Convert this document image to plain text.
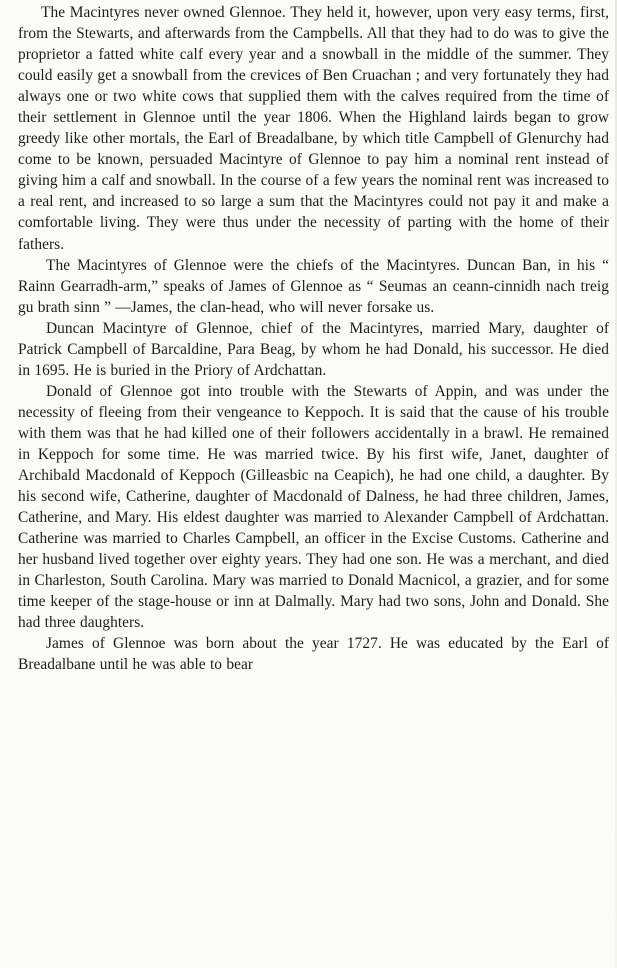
The Macintyres never owned Glennoe. They held it, however, upon very easy terms, first, from the Stewarts, and afterwards from the Campbells. All that they had to do was to give the proprietor a fatted white calf every year and a snowball in the middle of the summer. They could easily get a snowball from the crevices of Ben Cruachan ; and very fortunately they had always one or two white cows that supplied them with the calves required from the time of their settlement in Glennoe until the year 1806. When the Highland lairds began to grow greedy like other mortals, the Earl of Breadalbane, by which title Campbell of Glenurchy had come to be known, persuaded Macintyre of Glennoe to pay him a nominal rent instead of giving him a calf and snowball. In the course of a few years the nominal rent was increased to a real rent, and increased to so large a sum that the Macintyres could not pay it and make a comfortable living. They were thus under the necessity of parting with the home of their fathers.

The Macintyres of Glennoe were the chiefs of the Macintyres. Duncan Ban, in his “ Rainn Gearradh-arm,” speaks of James of Glennoe as “ Seumas an ceann-cinnidh nach treig gu brath sinn ” —James, the clan-head, who will never forsake us.

Duncan Macintyre of Glennoe, chief of the Macintyres, married Mary, daughter of Patrick Campbell of Barcaldine, Para Beag, by whom he had Donald, his successor. He died in 1695. He is buried in the Priory of Ardchattan.

Donald of Glennoe got into trouble with the Stewarts of Appin, and was under the necessity of fleeing from their vengeance to Keppoch. It is said that the cause of his trouble with them was that he had killed one of their followers accidentally in a brawl. He remained in Keppoch for some time. He was married twice. By his first wife, Janet, daughter of Archibald Macdonald of Keppoch (Gilleasbic na Ceapich), he had one child, a daughter. By his second wife, Catherine, daughter of Macdonald of Dalness, he had three children, James, Catherine, and Mary. His eldest daughter was married to Alexander Campbell of Ardchattan. Catherine was married to Charles Campbell, an officer in the Excise Customs. Catherine and her husband lived together over eighty years. They had one son. He was a merchant, and died in Charleston, South Carolina. Mary was married to Donald Macnicol, a grazier, and for some time keeper of the stage-house or inn at Dalmally. Mary had two sons, John and Donald. She had three daughters.

James of Glennoe was born about the year 1727. He was educated by the Earl of Breadalbane until he was able to bear
